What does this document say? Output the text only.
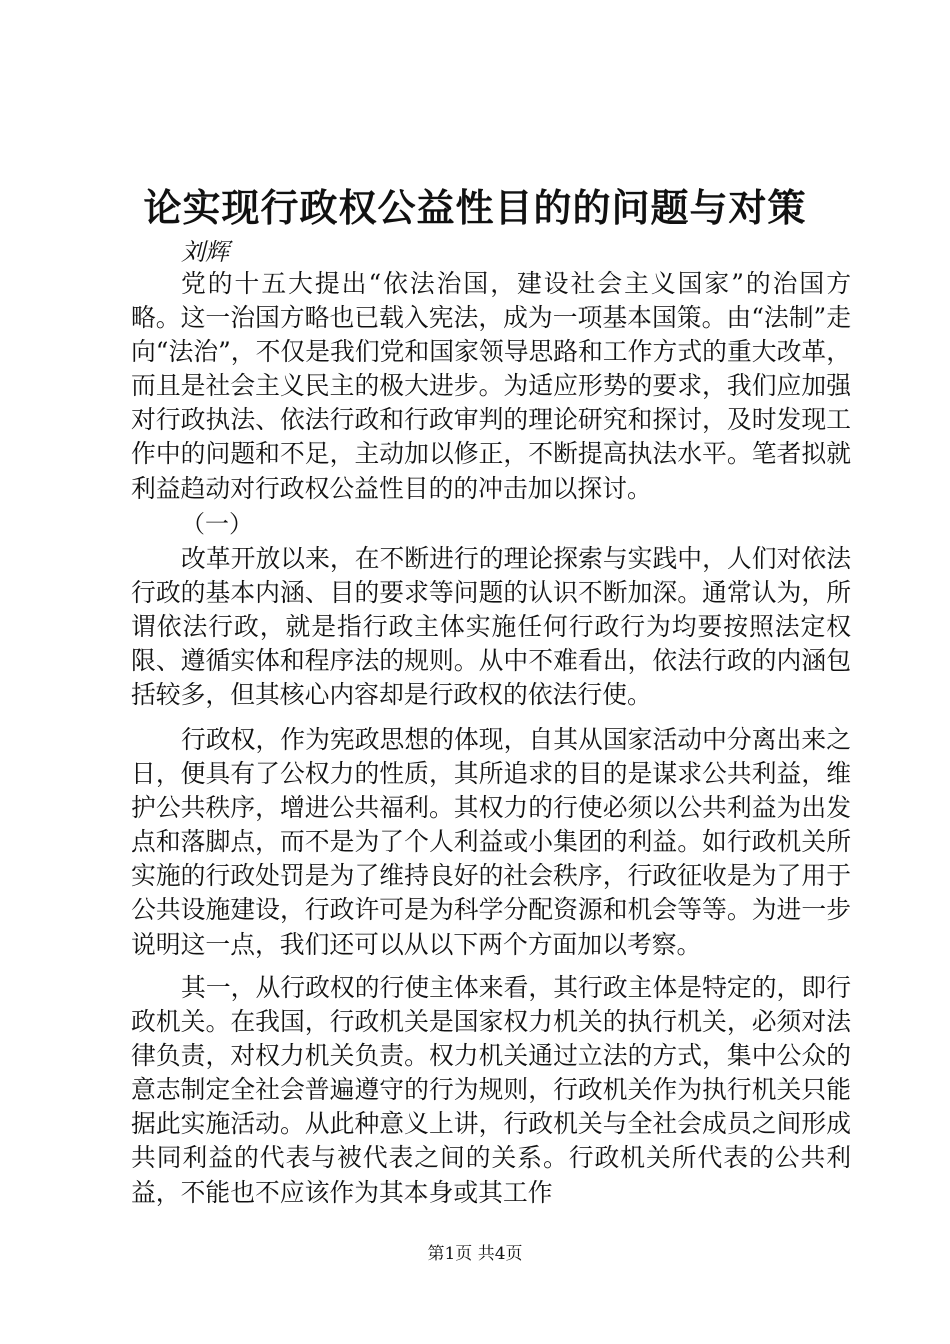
论实现行政权公益性目的的问题与对策
刘辉
党的十五大提出“依法治国，建设社会主义国家”的治国方略。这一治国方略也已载入宪法，成为一项基本国策。由“法制”走向“法治”，不仅是我们党和国家领导思路和工作方式的重大改革，而且是社会主义民主的极大进步。为适应形势的要求，我们应加强对行政执法、依法行政和行政审判的理论研究和探讨，及时发现工作中的问题和不足，主动加以修正，不断提高执法水平。笔者拟就利益趋动对行政权公益性目的的冲击加以探讨。
（一）
改革开放以来，在不断进行的理论探索与实践中，人们对依法行政的基本内涵、目的要求等问题的认识不断加深。通常认为，所谓依法行政，就是指行政主体实施任何行政行为均要按照法定权限、遵循实体和程序法的规则。从中不难看出，依法行政的内涵包括较多，但其核心内容却是行政权的依法行使。
行政权，作为宪政思想的体现，自其从国家活动中分离出来之日，便具有了公权力的性质，其所追求的目的是谋求公共利益，维护公共秩序，增进公共福利。其权力的行使必须以公共利益为出发点和落脚点，而不是为了个人利益或小集团的利益。如行政机关所实施的行政处罚是为了维持良好的社会秩序，行政征收是为了用于公共设施建设，行政许可是为科学分配资源和机会等等。为进一步说明这一点，我们还可以从以下两个方面加以考察。
其一，从行政权的行使主体来看，其行政主体是特定的，即行政机关。在我国，行政机关是国家权力机关的执行机关，必须对法律负责，对权力机关负责。权力机关通过立法的方式，集中公众的意志制定全社会普遍遵守的行为规则，行政机关作为执行机关只能据此实施活动。从此种意义上讲，行政机关与全社会成员之间形成共同利益的代表与被代表之间的关系。行政机关所代表的公共利益，不能也不应该作为其本身或其工作
第1页 共4页
